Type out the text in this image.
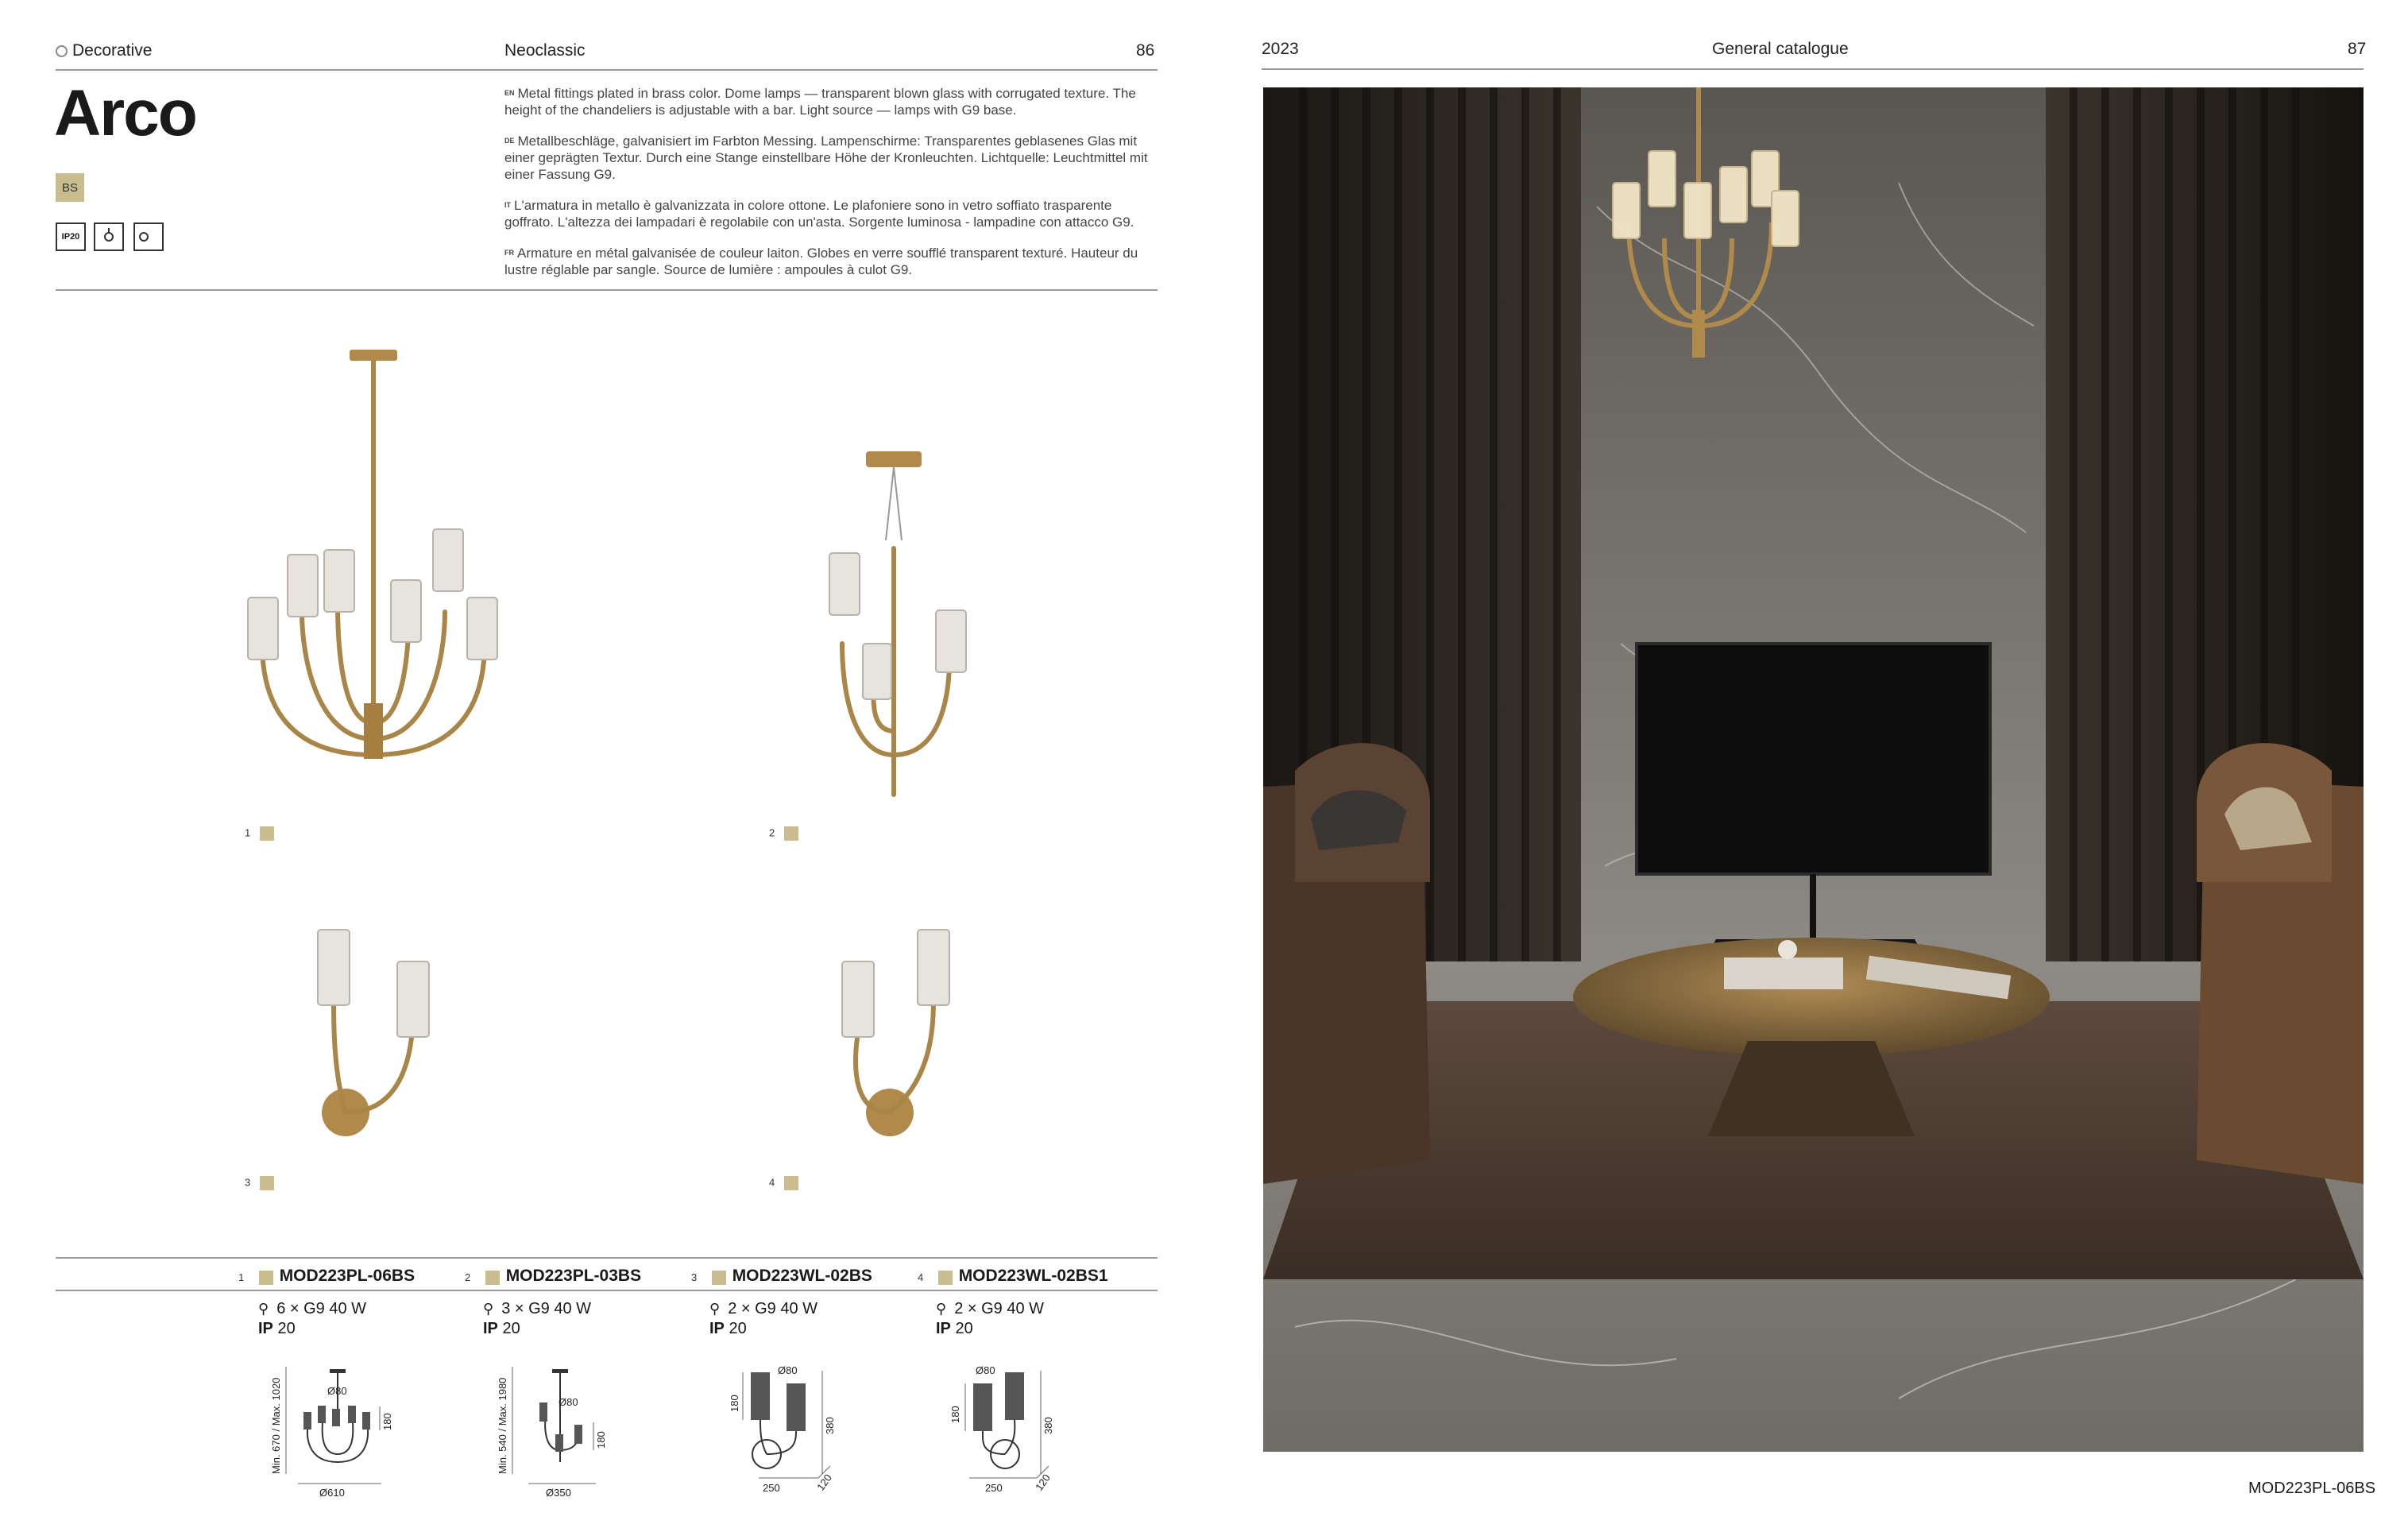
Decorative	Neoclassic	86
Arco
BS
IP20

$^{EN}$ Metal fittings plated in brass color. Dome lamps — transparent blown glass with corrugated texture. The height of the chandeliers is adjustable with a bar. Light source — lamps with G9 base.

$^{DE}$ Metallbeschläge, galvanisiert im Farbton Messing. Lampenschirme: Transparentes geblasenes Glas mit einer geprägten Textur. Durch eine Stange einstellbare Höhe der Kronleuchten. Lichtquelle: Leuchtmittel mit einer Fassung G9.

$^{IT}$ L'armatura in metallo è galvanizzata in colore ottone. Le plafoniere sono in vetro soffiato trasparente goffrato. L'altezza dei lampadari è regolabile con un'asta. Sorgente luminosa - lampadine con attacco G9.

$^{FR}$ Armature en métal galvanisée de couleur laiton. Globes en verre soufflé transparent texturé. Hauteur du lustre réglable par sangle. Source de lumière : ampoules à culot G9.

1	2
3	4
1 MOD223PL-06BS
⚲ 6 × G9 40 W
IP 20
2 MOD223PL-03BS
⚲ 3 × G9 40 W
IP 20
3 MOD223WL-02BS
⚲ 2 × G9 40 W
IP 20
4 MOD223WL-02BS1
⚲ 2 × G9 40 W
IP 20
Min. 670 / Max. 1020	Ø80
180
Ø610
Min. 540 / Max. 1980	Ø80
180
Ø350
180
Ø80
380
250	120
180
Ø80
380
250	120
2023	General catalogue	87
MOD223PL-06BS
